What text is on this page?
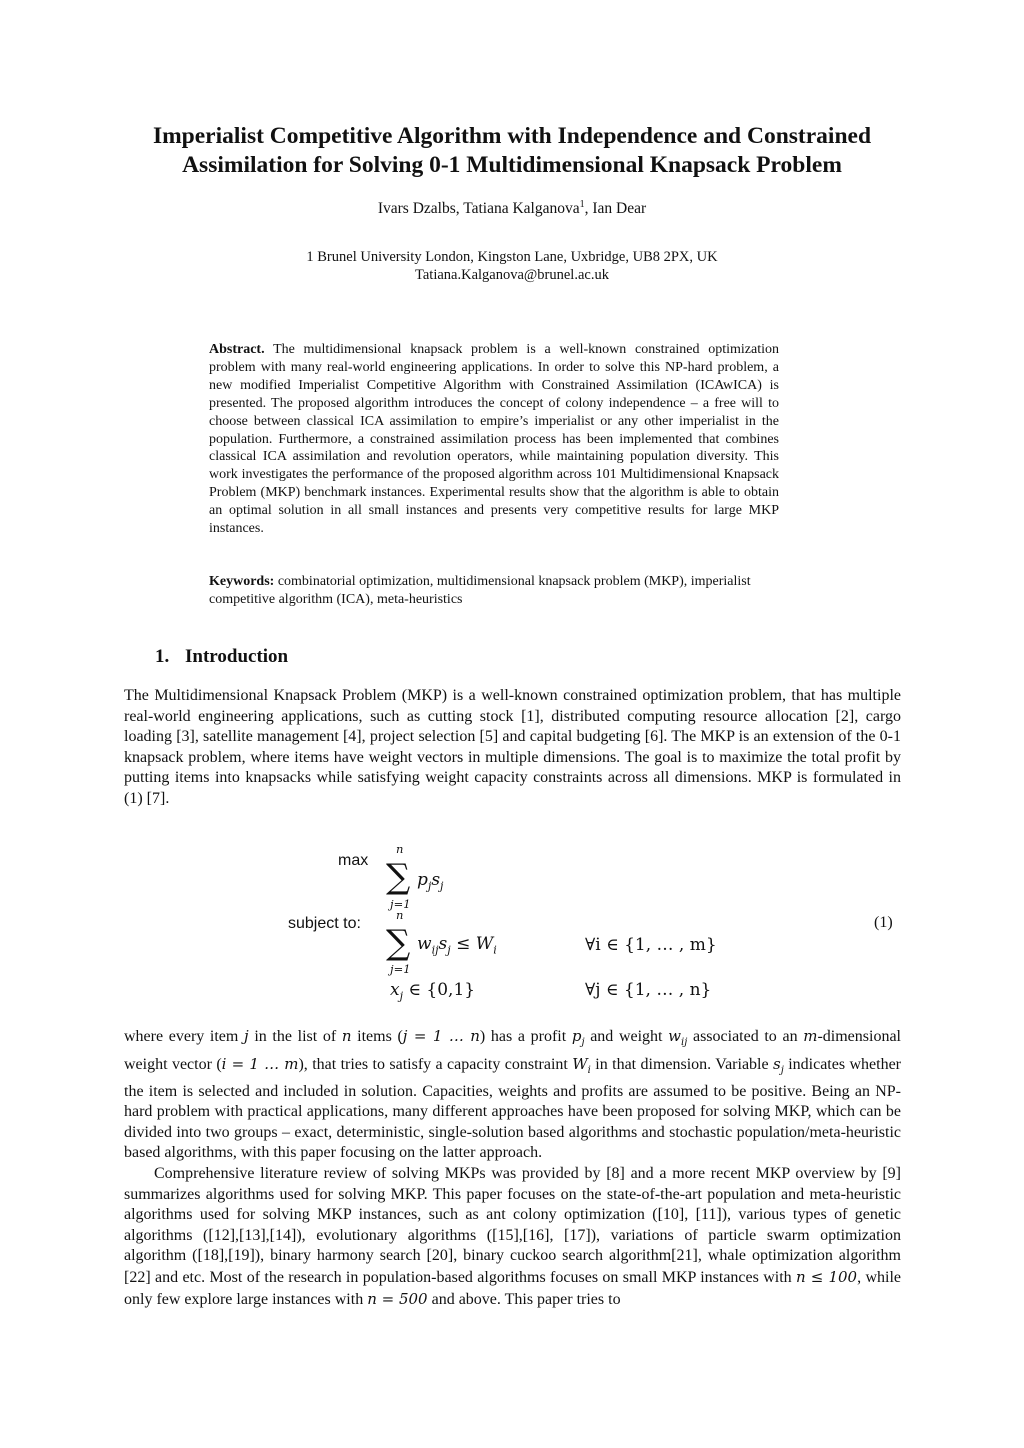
Imperialist Competitive Algorithm with Independence and Constrained
Assimilation for Solving 0-1 Multidimensional Knapsack Problem
Ivars Dzalbs, Tatiana Kalganova$^1$, Ian Dear
1 Brunel University London, Kingston Lane, Uxbridge, UB8 2PX, UK
Tatiana.Kalganova@brunel.ac.uk
Abstract. The multidimensional knapsack problem is a well-known constrained optimization problem with many real-world engineering applications. In order to solve this NP-hard problem, a new modified Imperialist Competitive Algorithm with Constrained Assimilation (ICAwICA) is presented. The proposed algorithm introduces the concept of colony independence – a free will to choose between classical ICA assimilation to empire’s imperialist or any other imperialist in the population. Furthermore, a constrained assimilation process has been implemented that combines classical ICA assimilation and revolution operators, while maintaining population diversity. This work investigates the performance of the proposed algorithm across 101 Multidimensional Knapsack Problem (MKP) benchmark instances. Experimental results show that the algorithm is able to obtain an optimal solution in all small instances and presents very competitive results for large MKP instances.
Keywords: combinatorial optimization, multidimensional knapsack problem (MKP), imperialist competitive algorithm (ICA), meta-heuristics
1. Introduction
The Multidimensional Knapsack Problem (MKP) is a well-known constrained optimization problem, that has multiple real-world engineering applications, such as cutting stock [1], distributed computing resource allocation [2], cargo loading [3], satellite management [4], project selection [5] and capital budgeting [6]. The MKP is an extension of the 0-1 knapsack problem, where items have weight vectors in multiple dimensions. The goal is to maximize the total profit by putting items into knapsacks while satisfying weight capacity constraints across all dimensions. MKP is formulated in (1) [7].
max
n
∑
j=1
$p_js_j$
subject to:	n
∑
j=1
$w_{ij}s_j \le W_i$	∀i ∈ {1, … , m}
$x_j$ ∈ {0,1}	∀j ∈ {1, … , n}
(1)

where every item j in the list of n items (j = 1 … n) has a profit $p_j$ and weight $w_{ij}$ associated to an m-dimensional weight vector (i = 1 … m), that tries to satisfy a capacity constraint $W_i$ in that dimension. Variable $s_j$ indicates whether the item is selected and included in solution. Capacities, weights and profits are assumed to be positive. Being an NP-hard problem with practical applications, many different approaches have been proposed for solving MKP, which can be divided into two groups – exact, deterministic, single-solution based algorithms and stochastic population/meta-heuristic based algorithms, with this paper focusing on the latter approach.

Comprehensive literature review of solving MKPs was provided by [8] and a more recent MKP overview by [9] summarizes algorithms used for solving MKP. This paper focuses on the state-of-the-art population and meta-heuristic algorithms used for solving MKP instances, such as ant colony optimization ([10], [11]), various types of genetic algorithms ([12],[13],[14]), evolutionary algorithms ([15],[16], [17]), variations of particle swarm optimization algorithm ([18],[19]), binary harmony search [20], binary cuckoo search algorithm[21], whale optimization algorithm [22] and etc. Most of the research in population-based algorithms focuses on small MKP instances with n ≤ 100, while only few explore large instances with n = 500 and above. This paper tries to
